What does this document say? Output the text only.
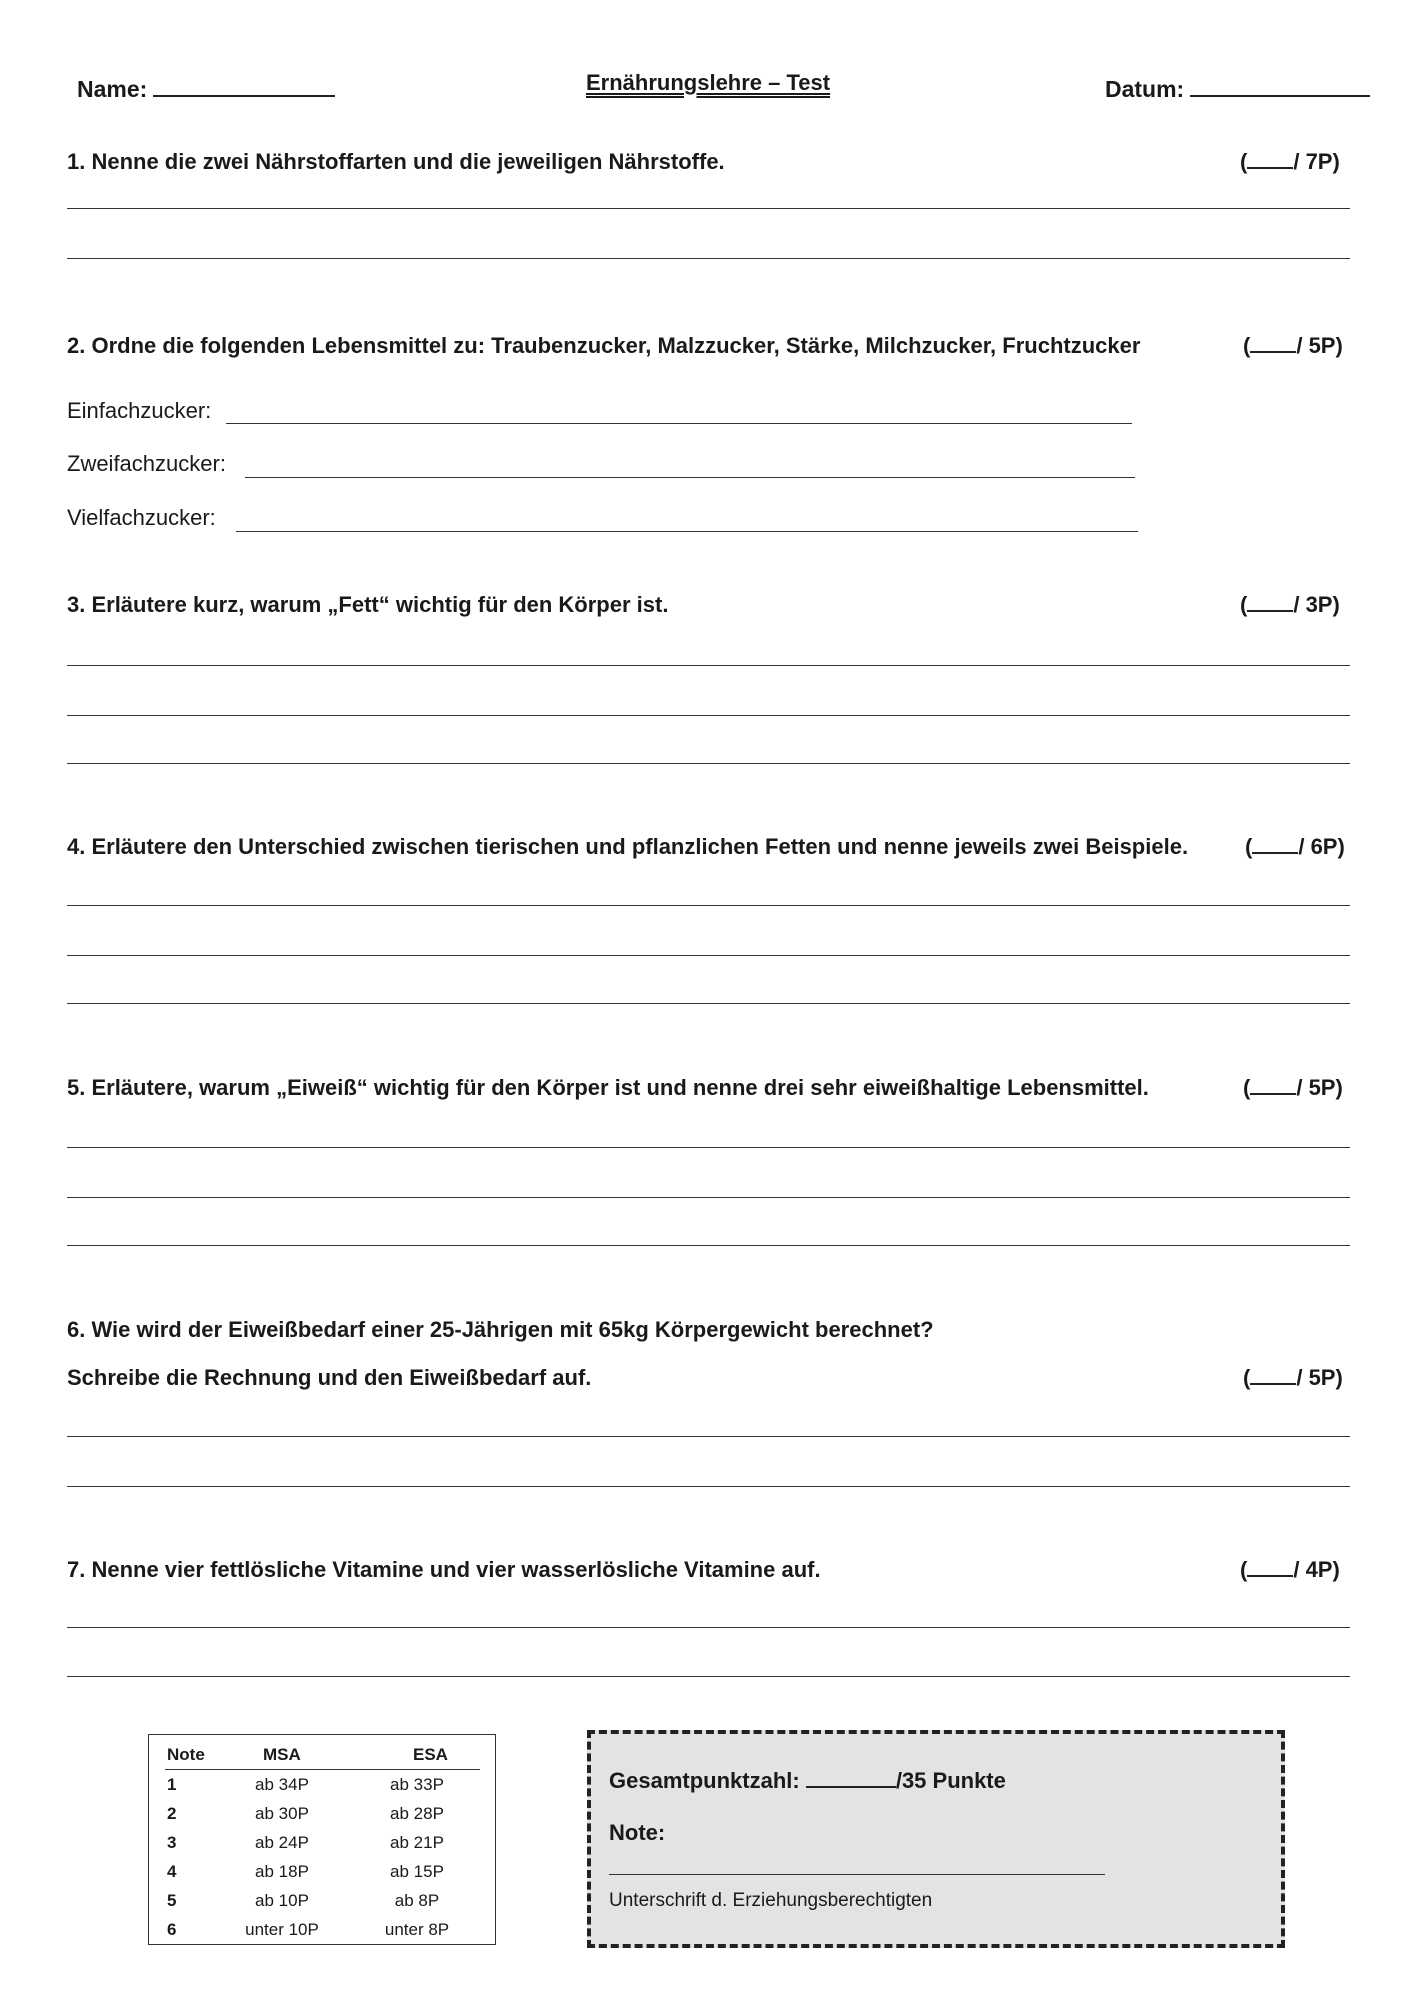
Name:	Ernährungslehre – Test	Datum:
1. Nenne die zwei Nährstoffarten und die jeweiligen Nährstoffe.	( / 7P)
2. Ordne die folgenden Lebensmittel zu: Traubenzucker, Malzzucker, Stärke, Milchzucker, Fruchtzucker	( / 5P)
Einfachzucker:
Zweifachzucker:
Vielfachzucker:
3. Erläutere kurz, warum „Fett“ wichtig für den Körper ist.	( / 3P)
4. Erläutere den Unterschied zwischen tierischen und pflanzlichen Fetten und nenne jeweils zwei Beispiele.	( / 6P)
5. Erläutere, warum „Eiweiß“ wichtig für den Körper ist und nenne drei sehr eiweißhaltige Lebensmittel.	( / 5P)
6. Wie wird der Eiweißbedarf einer 25-Jährigen mit 65kg Körpergewicht berechnet?
Schreibe die Rechnung und den Eiweißbedarf auf.	( / 5P)
7. Nenne vier fettlösliche Vitamine und vier wasserlösliche Vitamine auf.	( / 4P)
Note	MSA	ESA
1	ab 34P	ab 33P
2	ab 30P	ab 28P
3	ab 24P	ab 21P
4	ab 18P	ab 15P
5	ab 10P	ab 8P
6	unter 10P	unter 8P
Gesamtpunktzahl:	/35 Punkte
Note:
Unterschrift d. Erziehungsberechtigten
